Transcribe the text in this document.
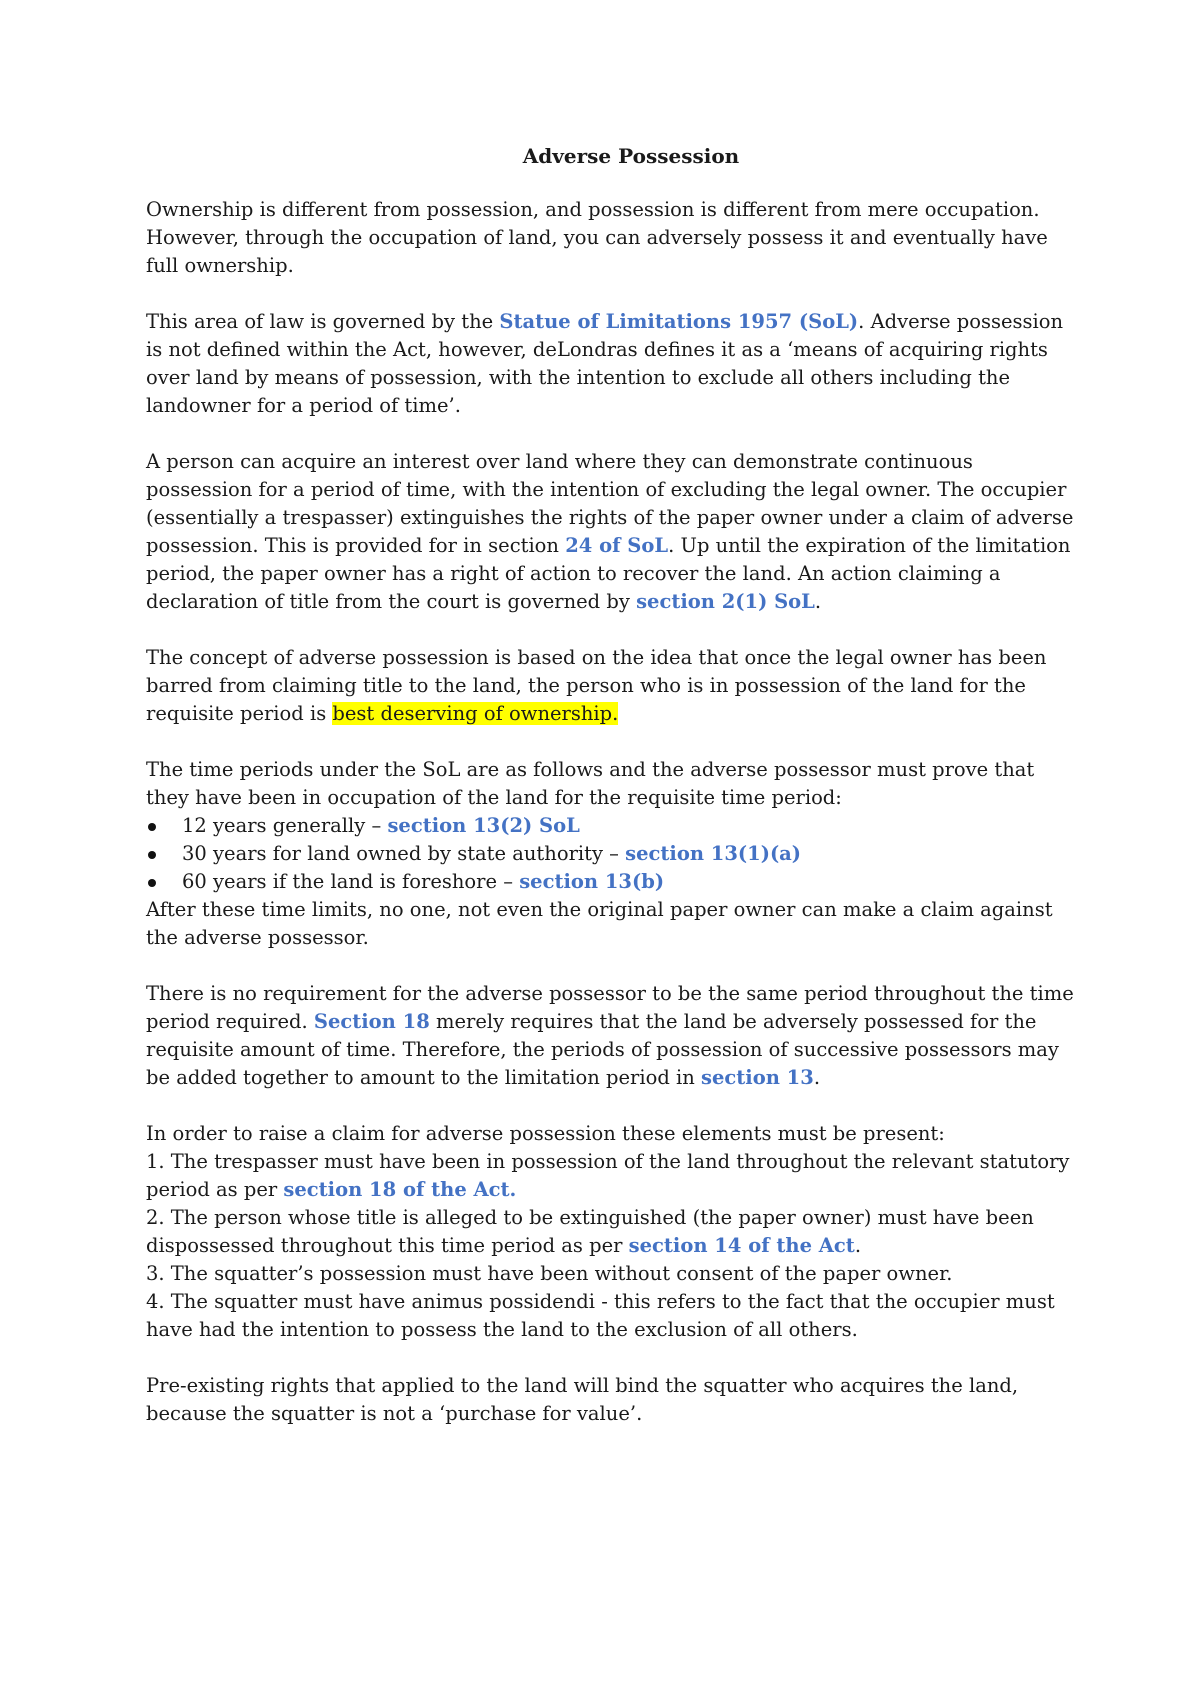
Adverse Possession

Ownership is different from possession, and possession is different from mere occupation. However, through the occupation of land, you can adversely possess it and eventually have full ownership.

This area of law is governed by the Statue of Limitations 1957 (SoL). Adverse possession is not defined within the Act, however, deLondras defines it as a ‘means of acquiring rights over land by means of possession, with the intention to exclude all others including the landowner for a period of time’.

A person can acquire an interest over land where they can demonstrate continuous possession for a period of time, with the intention of excluding the legal owner. The occupier (essentially a trespasser) extinguishes the rights of the paper owner under a claim of adverse possession. This is provided for in section 24 of SoL. Up until the expiration of the limitation period, the paper owner has a right of action to recover the land. An action claiming a declaration of title from the court is governed by section 2(1) SoL.

The concept of adverse possession is based on the idea that once the legal owner has been barred from claiming title to the land, the person who is in possession of the land for the requisite period is best deserving of ownership.

The time periods under the SoL are as follows and the adverse possessor must prove that they have been in occupation of the land for the requisite time period:
12 years generally – section 13(2) SoL
30 years for land owned by state authority – section 13(1)(a)
60 years if the land is foreshore – section 13(b)
After these time limits, no one, not even the original paper owner can make a claim against the adverse possessor.

There is no requirement for the adverse possessor to be the same period throughout the time period required. Section 18 merely requires that the land be adversely possessed for the requisite amount of time. Therefore, the periods of possession of successive possessors may be added together to amount to the limitation period in section 13.

In order to raise a claim for adverse possession these elements must be present:
1. The trespasser must have been in possession of the land throughout the relevant statutory period as per section 18 of the Act.
2. The person whose title is alleged to be extinguished (the paper owner) must have been dispossessed throughout this time period as per section 14 of the Act.
3. The squatter’s possession must have been without consent of the paper owner.
4. The squatter must have animus possidendi - this refers to the fact that the occupier must have had the intention to possess the land to the exclusion of all others.

Pre-existing rights that applied to the land will bind the squatter who acquires the land, because the squatter is not a ‘purchase for value’.
